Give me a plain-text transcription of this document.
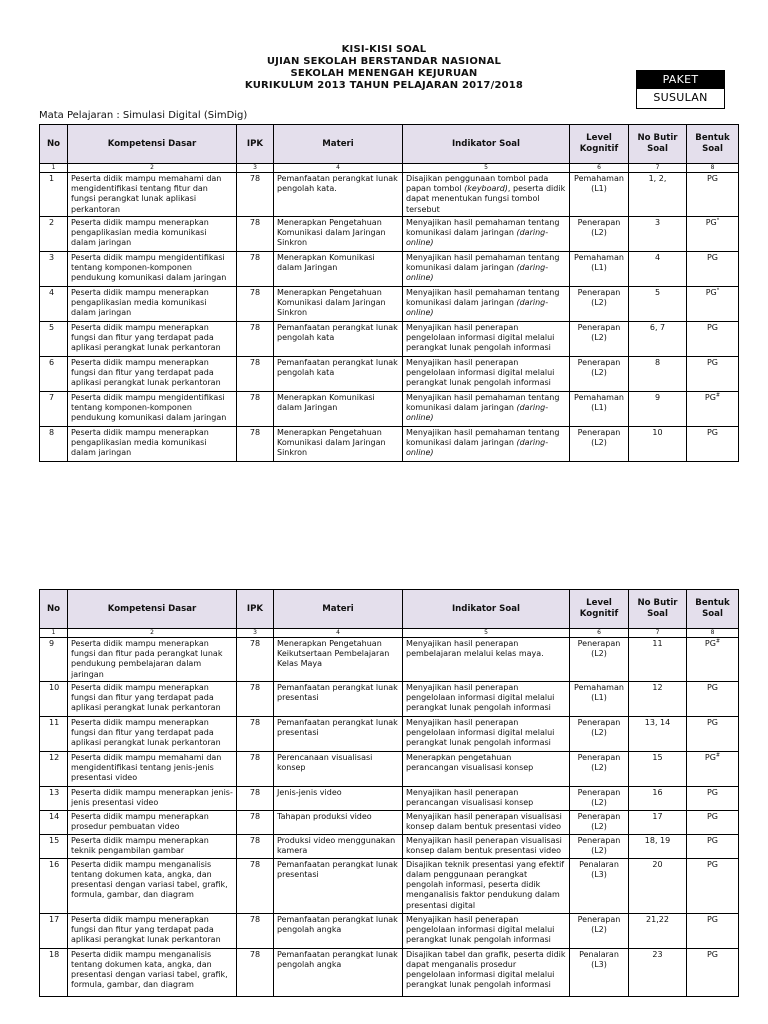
KISI-KISI SOAL
UJIAN SEKOLAH BERSTANDAR NASIONAL
SEKOLAH MENENGAH KEJURUAN
KURIKULUM 2013 TAHUN PELAJARAN 2017/2018	PAKET
SUSULAN
Mata Pelajaran : Simulasi Digital (SimDig)
No	Kompetensi Dasar	IPK	Materi	Indikator Soal	Level Kognitif	No Butir Soal	Bentuk Soal
1	2	3	4	5	6	7	8
1	Peserta didik mampu memahami dan mengidentifikasi tentang fitur dan fungsi perangkat lunak aplikasi perkantoran	78	Pemanfaatan perangkat lunak pengolah kata.	Disajikan penggunaan tombol pada papan tombol (keyboard), peserta didik dapat menentukan fungsi tombol tersebut	Pemahaman (L1)	1, 2,	PG
2	Peserta didik mampu menerapkan pengaplikasian media komunikasi dalam jaringan	78	Menerapkan Pengetahuan Komunikasi dalam Jaringan Sinkron	Menyajikan hasil pemahaman tentang komunikasi dalam jaringan (daring-online)	Penerapan (L2)	3	PG*
3	Peserta didik mampu mengidentifikasi tentang komponen-komponen pendukung komunikasi dalam jaringan	78	Menerapkan Komunikasi dalam Jaringan	Menyajikan hasil pemahaman tentang komunikasi dalam jaringan (daring-online)	Pemahaman (L1)	4	PG
4	Peserta didik mampu menerapkan pengaplikasian media komunikasi dalam jaringan	78	Menerapkan Pengetahuan Komunikasi dalam Jaringan Sinkron	Menyajikan hasil pemahaman tentang komunikasi dalam jaringan (daring-online)	Penerapan (L2)	5	PG*
5	Peserta didik mampu menerapkan fungsi dan fitur yang terdapat pada aplikasi perangkat lunak perkantoran	78	Pemanfaatan perangkat lunak pengolah kata	Menyajikan hasil penerapan pengelolaan informasi digital melalui perangkat lunak pengolah informasi	Penerapan (L2)	6, 7	PG
6	Peserta didik mampu menerapkan fungsi dan fitur yang terdapat pada aplikasi perangkat lunak perkantoran	78	Pemanfaatan perangkat lunak pengolah kata	Menyajikan hasil penerapan pengelolaan informasi digital melalui perangkat lunak pengolah informasi	Penerapan (L2)	8	PG
7	Peserta didik mampu mengidentifikasi tentang komponen-komponen pendukung komunikasi dalam jaringan	78	Menerapkan Komunikasi dalam Jaringan	Menyajikan hasil pemahaman tentang komunikasi dalam jaringan (daring-online)	Pemahaman (L1)	9	PG#
8	Peserta didik mampu menerapkan pengaplikasian media komunikasi dalam jaringan	78	Menerapkan Pengetahuan Komunikasi dalam Jaringan Sinkron	Menyajikan hasil pemahaman tentang komunikasi dalam jaringan (daring-online)	Penerapan (L2)	10	PG
No	Kompetensi Dasar	IPK	Materi	Indikator Soal	Level Kognitif	No Butir Soal	Bentuk Soal
1	2	3	4	5	6	7	8
9	Peserta didik mampu menerapkan fungsi dan fitur pada perangkat lunak pendukung pembelajaran dalam jaringan	78	Menerapkan Pengetahuan Keikutsertaan Pembelajaran Kelas Maya	Menyajikan hasil penerapan pembelajaran melalui kelas maya.	Penerapan (L2)	11	PG#
10	Peserta didik mampu menerapkan fungsi dan fitur yang terdapat pada aplikasi perangkat lunak perkantoran	78	Pemanfaatan perangkat lunak presentasi	Menyajikan hasil penerapan pengelolaan informasi digital melalui perangkat lunak pengolah informasi	Pemahaman (L1)	12	PG
11	Peserta didik mampu menerapkan fungsi dan fitur yang terdapat pada aplikasi perangkat lunak perkantoran	78	Pemanfaatan perangkat lunak presentasi	Menyajikan hasil penerapan pengelolaan informasi digital melalui perangkat lunak pengolah informasi	Penerapan (L2)	13, 14	PG
12	Peserta didik mampu memahami dan mengidentifikasi tentang jenis-jenis presentasi video	78	Perencanaan visualisasi konsep	Menerapkan pengetahuan perancangan visualisasi konsep	Penerapan (L2)	15	PG#
13	Peserta didik mampu menerapkan jenis-jenis presentasi video	78	Jenis-jenis video	Menyajikan hasil penerapan perancangan visualisasi konsep	Penerapan (L2)	16	PG
14	Peserta didik mampu menerapkan prosedur pembuatan video	78	Tahapan produksi video	Menyajikan hasil penerapan visualisasi konsep dalam bentuk presentasi video	Penerapan (L2)	17	PG
15	Peserta didik mampu menerapkan teknik pengambilan gambar	78	Produksi video menggunakan kamera	Menyajikan hasil penerapan visualisasi konsep dalam bentuk presentasi video	Penerapan (L2)	18, 19	PG
16	Peserta didik mampu menganalisis tentang dokumen kata, angka, dan presentasi dengan variasi tabel, grafik, formula, gambar, dan diagram	78	Pemanfaatan perangkat lunak presentasi	Disajikan teknik presentasi yang efektif dalam penggunaan perangkat pengolah informasi, peserta didik menganalisis faktor pendukung dalam presentasi digital	Penalaran (L3)	20	PG
17	Peserta didik mampu menerapkan fungsi dan fitur yang terdapat pada aplikasi perangkat lunak perkantoran	78	Pemanfaatan perangkat lunak pengolah angka	Menyajikan hasil penerapan pengelolaan informasi digital melalui perangkat lunak pengolah informasi	Penerapan (L2)	21,22	PG
18	Peserta didik mampu menganalisis tentang dokumen kata, angka, dan presentasi dengan variasi tabel, grafik, formula, gambar, dan diagram	78	Pemanfaatan perangkat lunak pengolah angka	Disajikan tabel dan grafik, peserta didik dapat menganalis prosedur pengelolaan informasi digital melalui perangkat lunak pengolah informasi	Penalaran (L3)	23	PG
